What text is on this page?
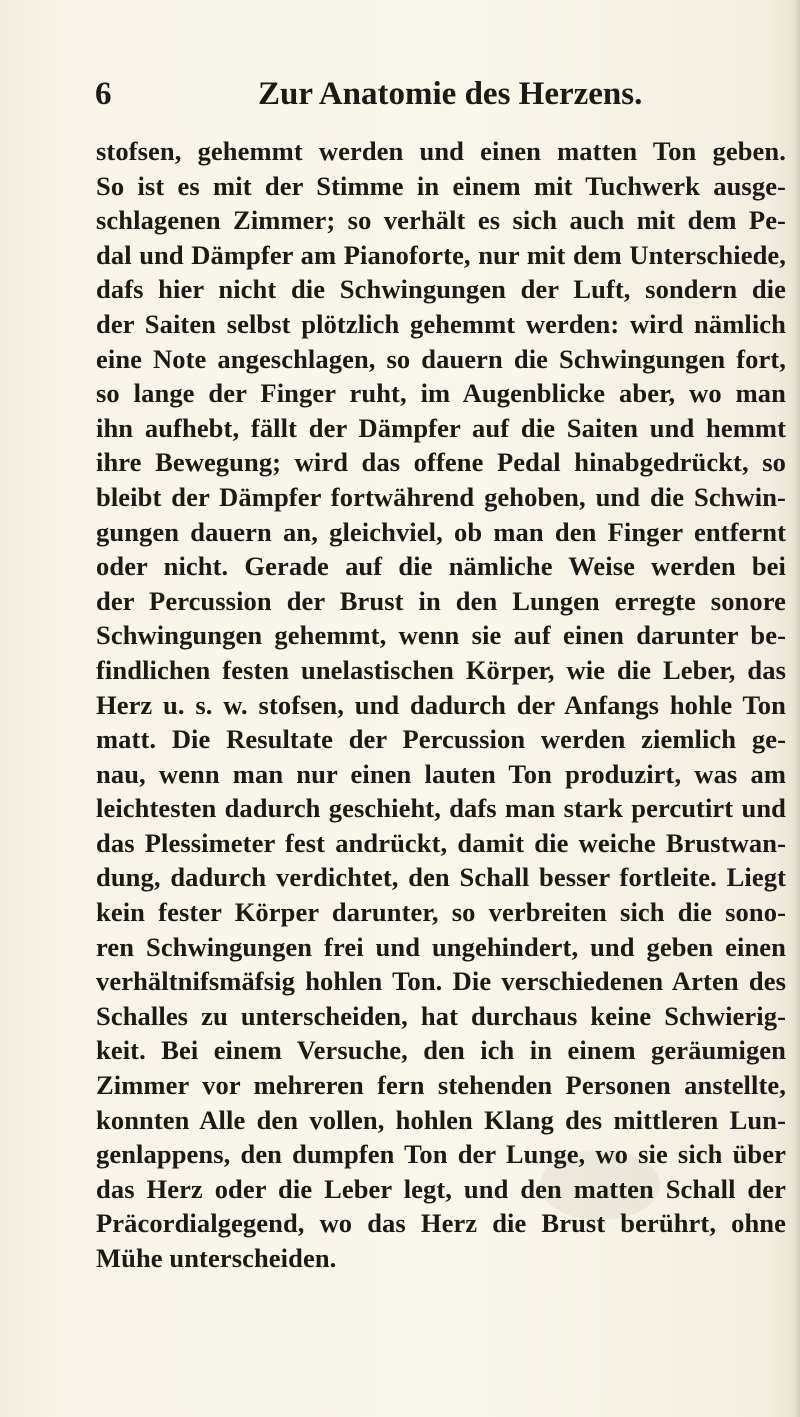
6	Zur Anatomie des Herzens.
stofsen, gehemmt werden und einen matten Ton geben.
So ist es mit der Stimme in einem mit Tuchwerk ausge-
schlagenen Zimmer; so verhält es sich auch mit dem Pe-
dal und Dämpfer am Pianoforte, nur mit dem Unterschiede,
dafs hier nicht die Schwingungen der Luft, sondern die
der Saiten selbst plötzlich gehemmt werden: wird nämlich
eine Note angeschlagen, so dauern die Schwingungen fort,
so lange der Finger ruht, im Augenblicke aber, wo man
ihn aufhebt, fällt der Dämpfer auf die Saiten und hemmt
ihre Bewegung; wird das offene Pedal hinabgedrückt, so
bleibt der Dämpfer fortwährend gehoben, und die Schwin-
gungen dauern an, gleichviel, ob man den Finger entfernt
oder nicht. Gerade auf die nämliche Weise werden bei
der Percussion der Brust in den Lungen erregte sonore
Schwingungen gehemmt, wenn sie auf einen darunter be-
findlichen festen unelastischen Körper, wie die Leber, das
Herz u. s. w. stofsen, und dadurch der Anfangs hohle Ton
matt. Die Resultate der Percussion werden ziemlich ge-
nau, wenn man nur einen lauten Ton produzirt, was am
leichtesten dadurch geschieht, dafs man stark percutirt und
das Plessimeter fest andrückt, damit die weiche Brustwan-
dung, dadurch verdichtet, den Schall besser fortleite. Liegt
kein fester Körper darunter, so verbreiten sich die sono-
ren Schwingungen frei und ungehindert, und geben einen
verhältnifsmäfsig hohlen Ton. Die verschiedenen Arten des
Schalles zu unterscheiden, hat durchaus keine Schwierig-
keit. Bei einem Versuche, den ich in einem geräumigen
Zimmer vor mehreren fern stehenden Personen anstellte,
konnten Alle den vollen, hohlen Klang des mittleren Lun-
genlappens, den dumpfen Ton der Lunge, wo sie sich über
das Herz oder die Leber legt, und den matten Schall der
Präcordialgegend, wo das Herz die Brust berührt, ohne
Mühe unterscheiden.
